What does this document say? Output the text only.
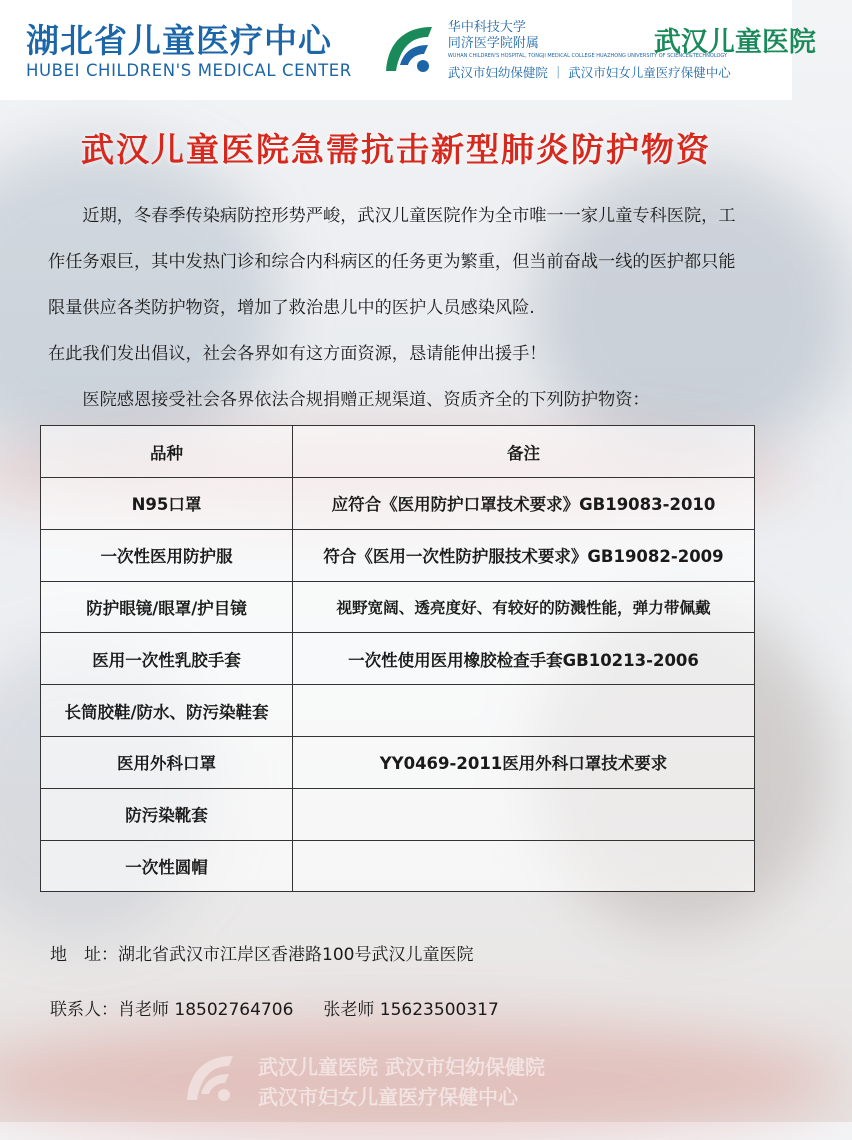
湖北省儿童医疗中心
HUBEI CHILDREN'S MEDICAL CENTER
华中科技大学
同济医学院附属
WUHAN CHILDREN'S HOSPITAL, TONGJI MEDICAL COLLEGE HUAZHONG UNIVERSITY OF SCIENCE&TECHNOLOGY
武汉儿童医院
武汉市妇幼保健院 ｜ 武汉市妇女儿童医疗保健中心
武汉儿童医院急需抗击新型肺炎防护物资

近期，冬春季传染病防控形势严峻，武汉儿童医院作为全市唯一一家儿童专科医院，工作任务艰巨，其中发热门诊和综合内科病区的任务更为繁重，但当前奋战一线的医护都只能限量供应各类防护物资，增加了救治患儿中的医护人员感染风险.

在此我们发出倡议，社会各界如有这方面资源，恳请能伸出援手！

医院感恩接受社会各界依法合规捐赠正规渠道、资质齐全的下列防护物资：

品种	备注
N95口罩	应符合《医用防护口罩技术要求》GB19083-2010
一次性医用防护服	符合《医用一次性防护服技术要求》GB19082-2009
防护眼镜/眼罩/护目镜	视野宽阔、透亮度好、有较好的防溅性能，弹力带佩戴
医用一次性乳胶手套	一次性使用医用橡胶检查手套GB10213-2006
长筒胶鞋/防水、防污染鞋套	
医用外科口罩	YY0469-2011医用外科口罩技术要求
防污染靴套	
一次性圆帽	
地　址：湖北省武汉市江岸区香港路100号武汉儿童医院
联系人：肖老师 18502764706 张老师 15623500317
武汉儿童医院 武汉市妇幼保健院
武汉市妇女儿童医疗保健中心
